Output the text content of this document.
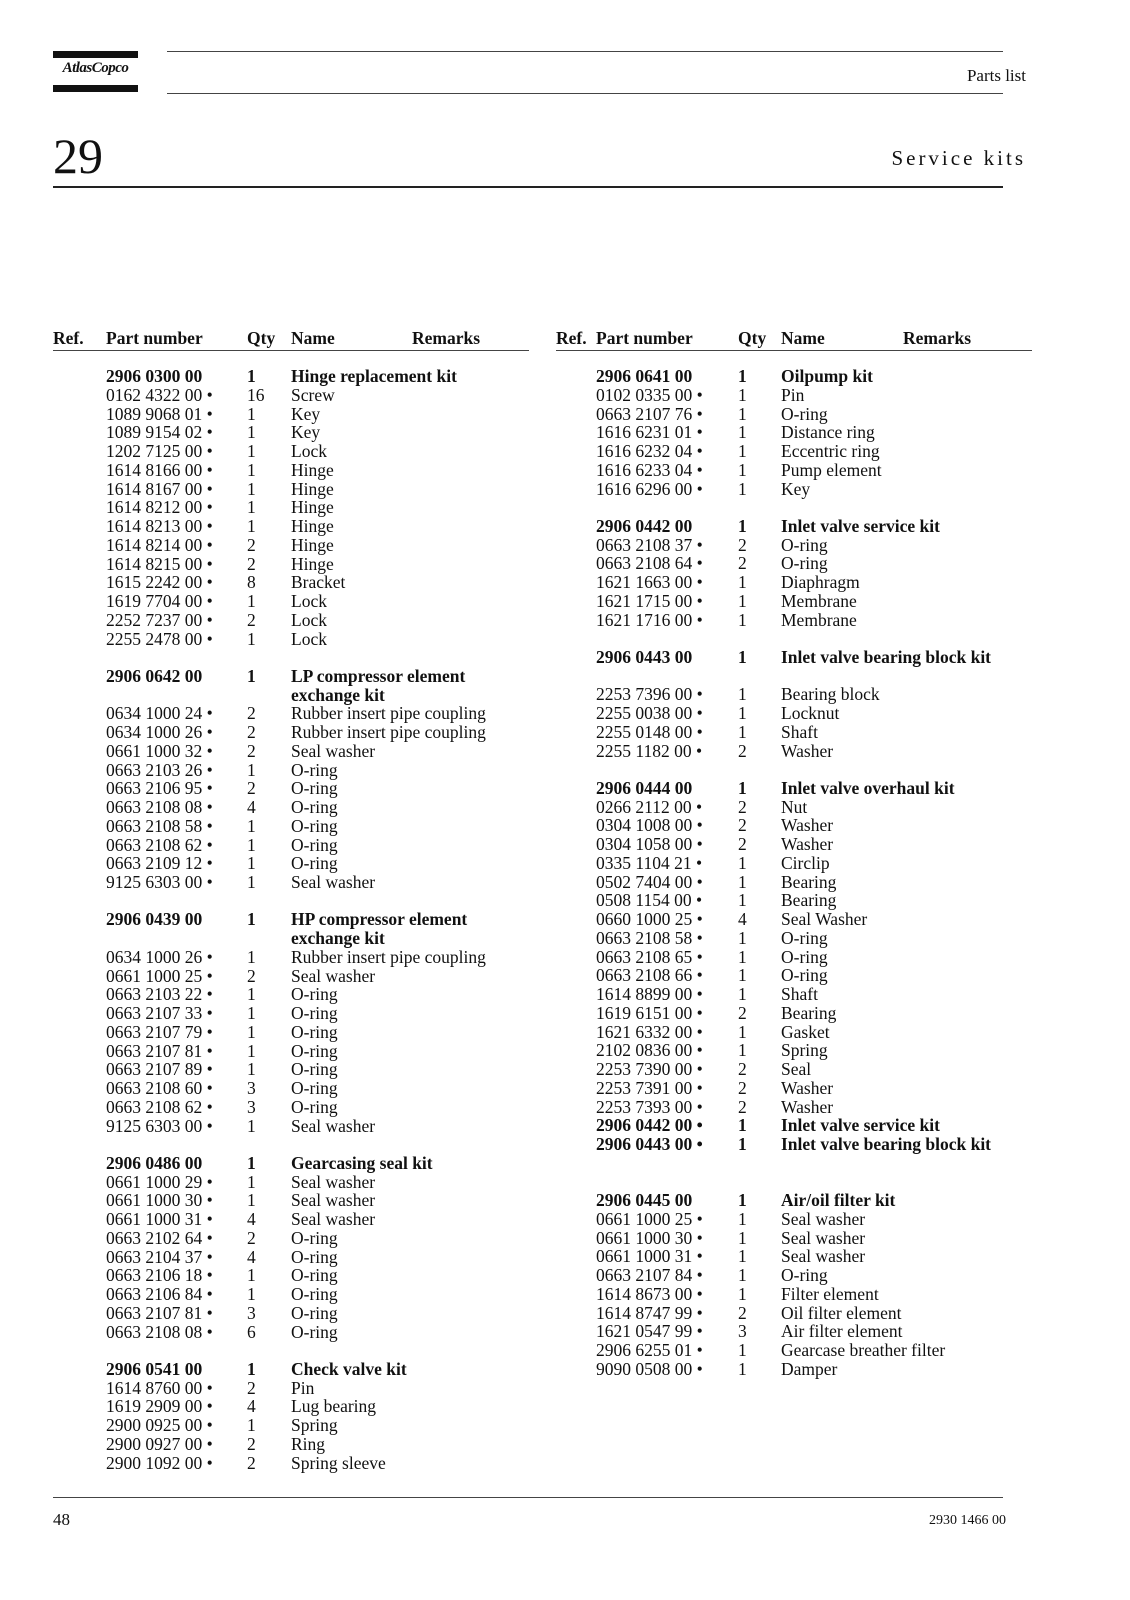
AtlasCopco	Parts list
29	Service kits
Ref. Part number	Qty Name	Remarks
2906 0300 00	1 Hinge replacement kit
0162 4322 00 • 16 Screw
1089 9068 01 • 1 Key
1089 9154 02 • 1 Key
1202 7125 00 • 1 Lock
1614 8166 00 • 1 Hinge
1614 8167 00 • 1 Hinge
1614 8212 00 • 1 Hinge
1614 8213 00 • 1 Hinge
1614 8214 00 • 2 Hinge
1614 8215 00 • 2 Hinge
1615 2242 00 • 8 Bracket
1619 7704 00 • 1 Lock
2252 7237 00 • 2 Lock
2255 2478 00 • 1 Lock
2906 0642 00	1 LP compressor element exchange kit
0634 1000 24 • 2 Rubber insert pipe coupling
0634 1000 26 • 2 Rubber insert pipe coupling
0661 1000 32 • 2 Seal washer
0663 2103 26 • 1 O-ring
0663 2106 95 • 2 O-ring
0663 2108 08 • 4 O-ring
0663 2108 58 • 1 O-ring
0663 2108 62 • 1 O-ring
0663 2109 12 • 1 O-ring
9125 6303 00 • 1 Seal washer
2906 0439 00	1 HP compressor element exchange kit
0634 1000 26 • 1 Rubber insert pipe coupling
0661 1000 25 • 2 Seal washer
0663 2103 22 • 1 O-ring
0663 2107 33 • 1 O-ring
0663 2107 79 • 1 O-ring
0663 2107 81 • 1 O-ring
0663 2107 89 • 1 O-ring
0663 2108 60 • 3 O-ring
0663 2108 62 • 3 O-ring
9125 6303 00 • 1 Seal washer
2906 0486 00	1 Gearcasing seal kit
0661 1000 29 • 1 Seal washer
0661 1000 30 • 1 Seal washer
0661 1000 31 • 4 Seal washer
0663 2102 64 • 2 O-ring
0663 2104 37 • 4 O-ring
0663 2106 18 • 1 O-ring
0663 2106 84 • 1 O-ring
0663 2107 81 • 3 O-ring
0663 2108 08 • 6 O-ring
2906 0541 00	1 Check valve kit
1614 8760 00 • 2 Pin
1619 2909 00 • 4 Lug bearing
2900 0925 00 • 1 Spring
2900 0927 00 • 2 Ring
2900 1092 00 • 2 Spring sleeve
Ref. Part number	Qty Name	Remarks
2906 0641 00	1 Oilpump kit
0102 0335 00 • 1 Pin
0663 2107 76 • 1 O-ring
1616 6231 01 • 1 Distance ring
1616 6232 04 • 1 Eccentric ring
1616 6233 04 • 1 Pump element
1616 6296 00 • 1 Key
2906 0442 00	1 Inlet valve service kit
0663 2108 37 • 2 O-ring
0663 2108 64 • 2 O-ring
1621 1663 00 • 1 Diaphragm
1621 1715 00 • 1 Membrane
1621 1716 00 • 1 Membrane
2906 0443 00	1 Inlet valve bearing block kit
2253 7396 00 • 1 Bearing block
2255 0038 00 • 1 Locknut
2255 0148 00 • 1 Shaft
2255 1182 00 • 2 Washer
2906 0444 00	1 Inlet valve overhaul kit
0266 2112 00 • 2 Nut
0304 1008 00 • 2 Washer
0304 1058 00 • 2 Washer
0335 1104 21 • 1 Circlip
0502 7404 00 • 1 Bearing
0508 1154 00 • 1 Bearing
0660 1000 25 • 4 Seal Washer
0663 2108 58 • 1 O-ring
0663 2108 65 • 1 O-ring
0663 2108 66 • 1 O-ring
1614 8899 00 • 1 Shaft
1619 6151 00 • 2 Bearing
1621 6332 00 • 1 Gasket
2102 0836 00 • 1 Spring
2253 7390 00 • 2 Seal
2253 7391 00 • 2 Washer
2253 7393 00 • 2 Washer
2906 0442 00 • 1 Inlet valve service kit
2906 0443 00 • 1 Inlet valve bearing block kit
2906 0445 00	1 Air/oil filter kit
0661 1000 25 • 1 Seal washer
0661 1000 30 • 1 Seal washer
0661 1000 31 • 1 Seal washer
0663 2107 84 • 1 O-ring
1614 8673 00 • 1 Filter element
1614 8747 99 • 2 Oil filter element
1621 0547 99 • 3 Air filter element
2906 6255 01 • 1 Gearcase breather filter
9090 0508 00 • 1 Damper
48	2930 1466 00
